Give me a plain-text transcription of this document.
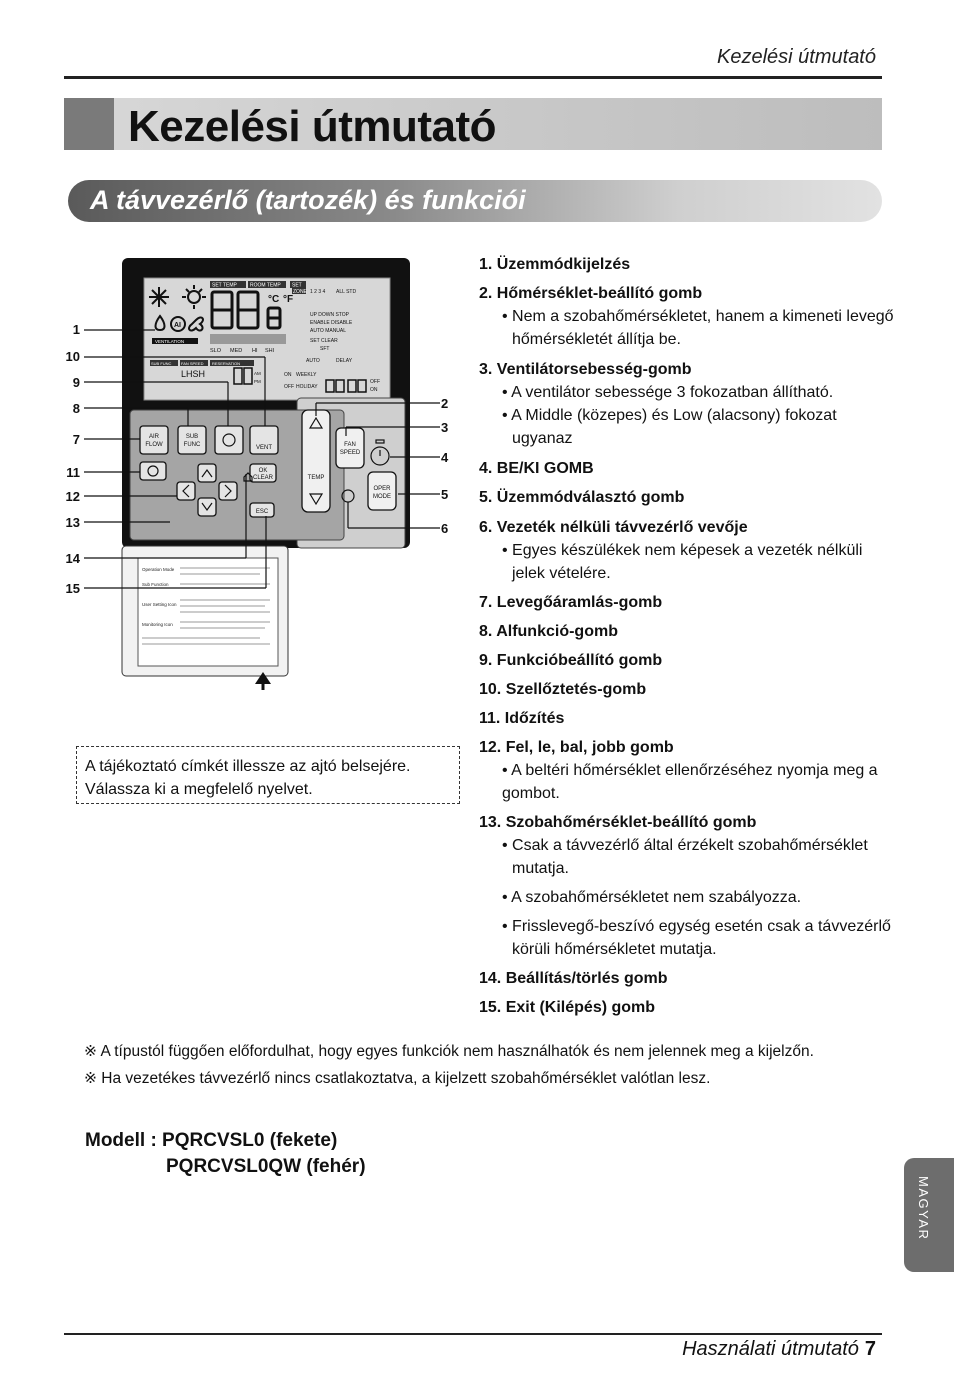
Kezelési útmutató
Kezelési útmutató
A távvezérlő (tartozék) és funkciói
AI
SET TEMP	ROOM TEMP SET
°C °F
VENTILATION
SLO MED HI SHI
SUB FUNC FAN SPEED RESERVATION
LHSH	AM
PM
ZONE 1 2 3 4 ALL STD
UP DOWN STOP
ENABLE DISABLE
AUTO MANUAL
SET CLEAR
SFT
AUTO	DELAY
ON WEEKLY
OFF HOLIDAY
OFF
ON
AIR
FLOW
SUB
FUNC	VENT
OK
CLEAR
ESC
TEMP
FAN
SPEED
OPER
MODE
Operation Mode
Sub Function
User Setting Icon
Monitoring Icon
1
10
9
8
7
11
12
13
14
15
2
3
4
5
6
A tájékoztató címkét illessze az ajtó belsejére.
Válassza ki a megfelelő nyelvet.

1. Üzemmódkijelzés

2. Hőmérséklet-beállító gomb

• Nem a szobahőmérsékletet, hanem a kimeneti levegő hőmérsékletét állítja be.

3. Ventilátorsebesség-gomb

• A ventilátor sebessége 3 fokozatban állítható.

• A Middle (közepes) és Low (alacsony) fokozat ugyanaz

4. BE/KI GOMB

5. Üzemmódválasztó gomb

6. Vezeték nélküli távvezérlő vevője

• Egyes készülékek nem képesek a vezeték nélküli jelek vételére.

7. Levegőáramlás-gomb

8. Alfunkció-gomb

9. Funkcióbeállító gomb

10. Szellőztetés-gomb

11. Időzítés

12. Fel, le, bal, jobb gomb

• A beltéri hőmérséklet ellenőrzéséhez nyomja meg a

gombot.

13. Szobahőmérséklet-beállító gomb

• Csak a távvezérlő által érzékelt szobahőmérséklet mutatja.

• A szobahőmérsékletet nem szabályozza.

• Frisslevegő-beszívó egység esetén csak a távvezérlő körüli hőmérsékletet mutatja.

14. Beállítás/törlés gomb

15. Exit (Kilépés) gomb

※ A típustól függően előfordulhat, hogy egyes funkciók nem használhatók és nem jelennek meg a kijelzőn.
※ Ha vezetékes távvezérlő nincs csatlakoztatva, a kijelzett szobahőmérséklet valótlan lesz.
Modell : PQRCVSL0 (fekete)
PQRCVSL0QW (fehér)
MAGYAR
Használati útmutató 7
